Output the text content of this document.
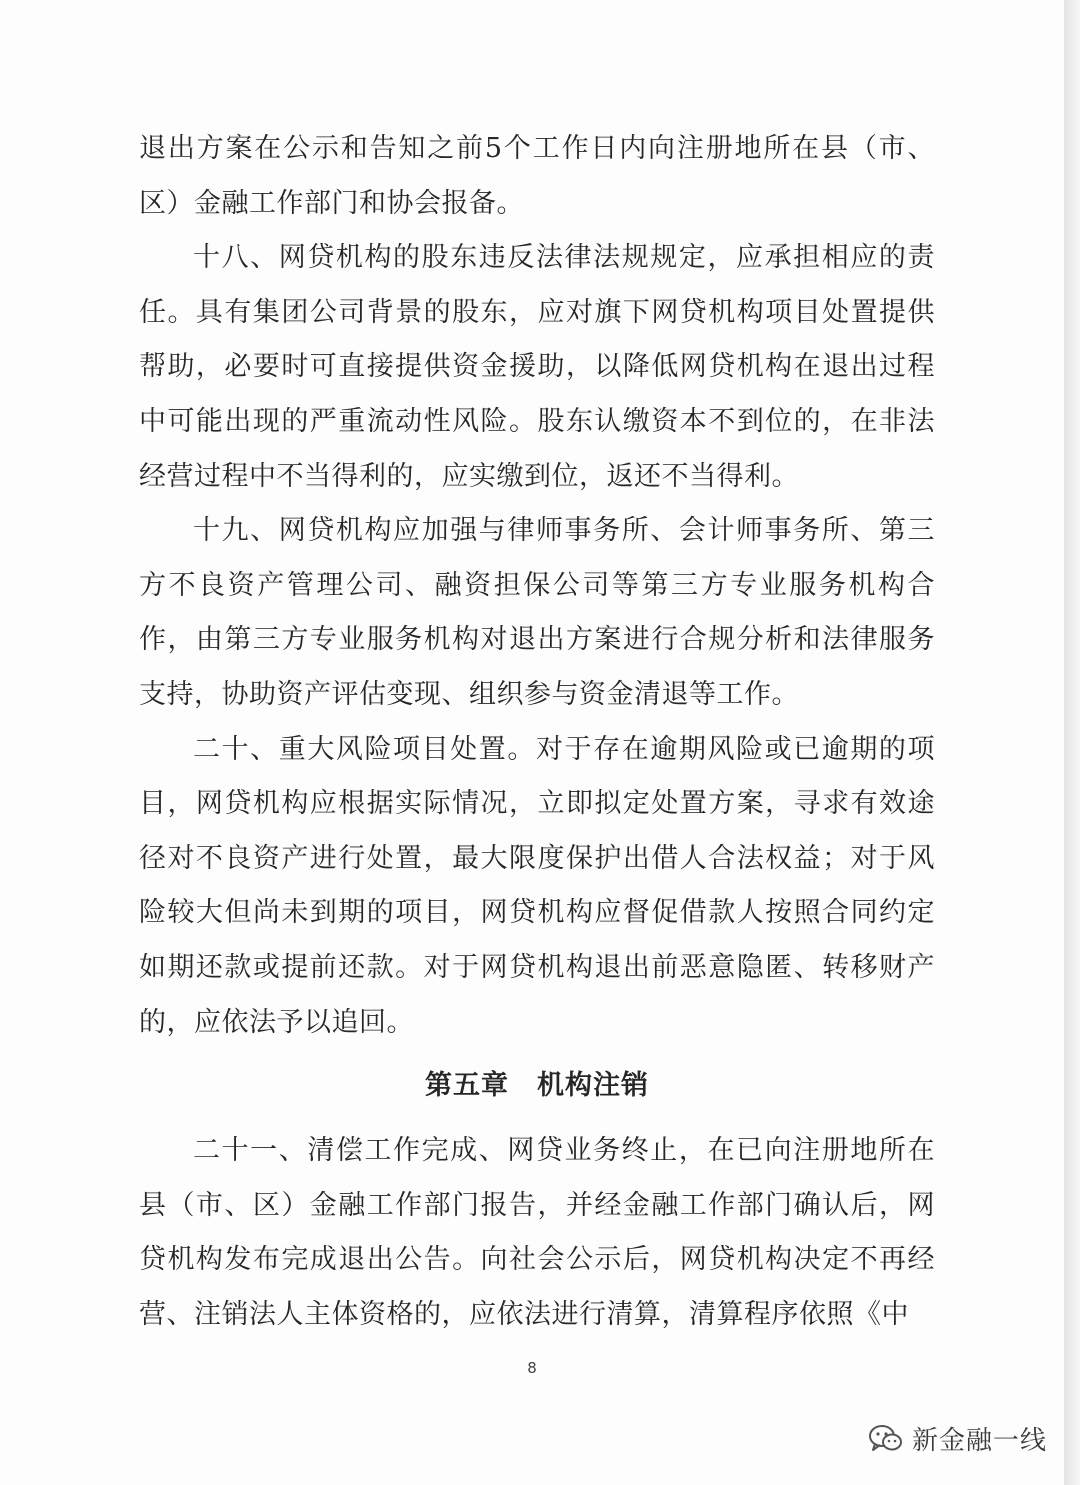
退出方案在公示和告知之前5个工作日内向注册地所在县（市、区）金融工作部门和协会报备。

十八、网贷机构的股东违反法律法规规定，应承担相应的责任。具有集团公司背景的股东，应对旗下网贷机构项目处置提供帮助，必要时可直接提供资金援助，以降低网贷机构在退出过程中可能出现的严重流动性风险。股东认缴资本不到位的，在非法经营过程中不当得利的，应实缴到位，返还不当得利。

十九、网贷机构应加强与律师事务所、会计师事务所、第三方不良资产管理公司、融资担保公司等第三方专业服务机构合作，由第三方专业服务机构对退出方案进行合规分析和法律服务支持，协助资产评估变现、组织参与资金清退等工作。

二十、重大风险项目处置。对于存在逾期风险或已逾期的项目，网贷机构应根据实际情况，立即拟定处置方案，寻求有效途径对不良资产进行处置，最大限度保护出借人合法权益；对于风险较大但尚未到期的项目，网贷机构应督促借款人按照合同约定如期还款或提前还款。对于网贷机构退出前恶意隐匿、转移财产的，应依法予以追回。

第五章　机构注销

二十一、清偿工作完成、网贷业务终止，在已向注册地所在县（市、区）金融工作部门报告，并经金融工作部门确认后，网贷机构发布完成退出公告。向社会公示后，网贷机构决定不再经营、注销法人主体资格的，应依法进行清算，清算程序依照《中

8
新金融一线
